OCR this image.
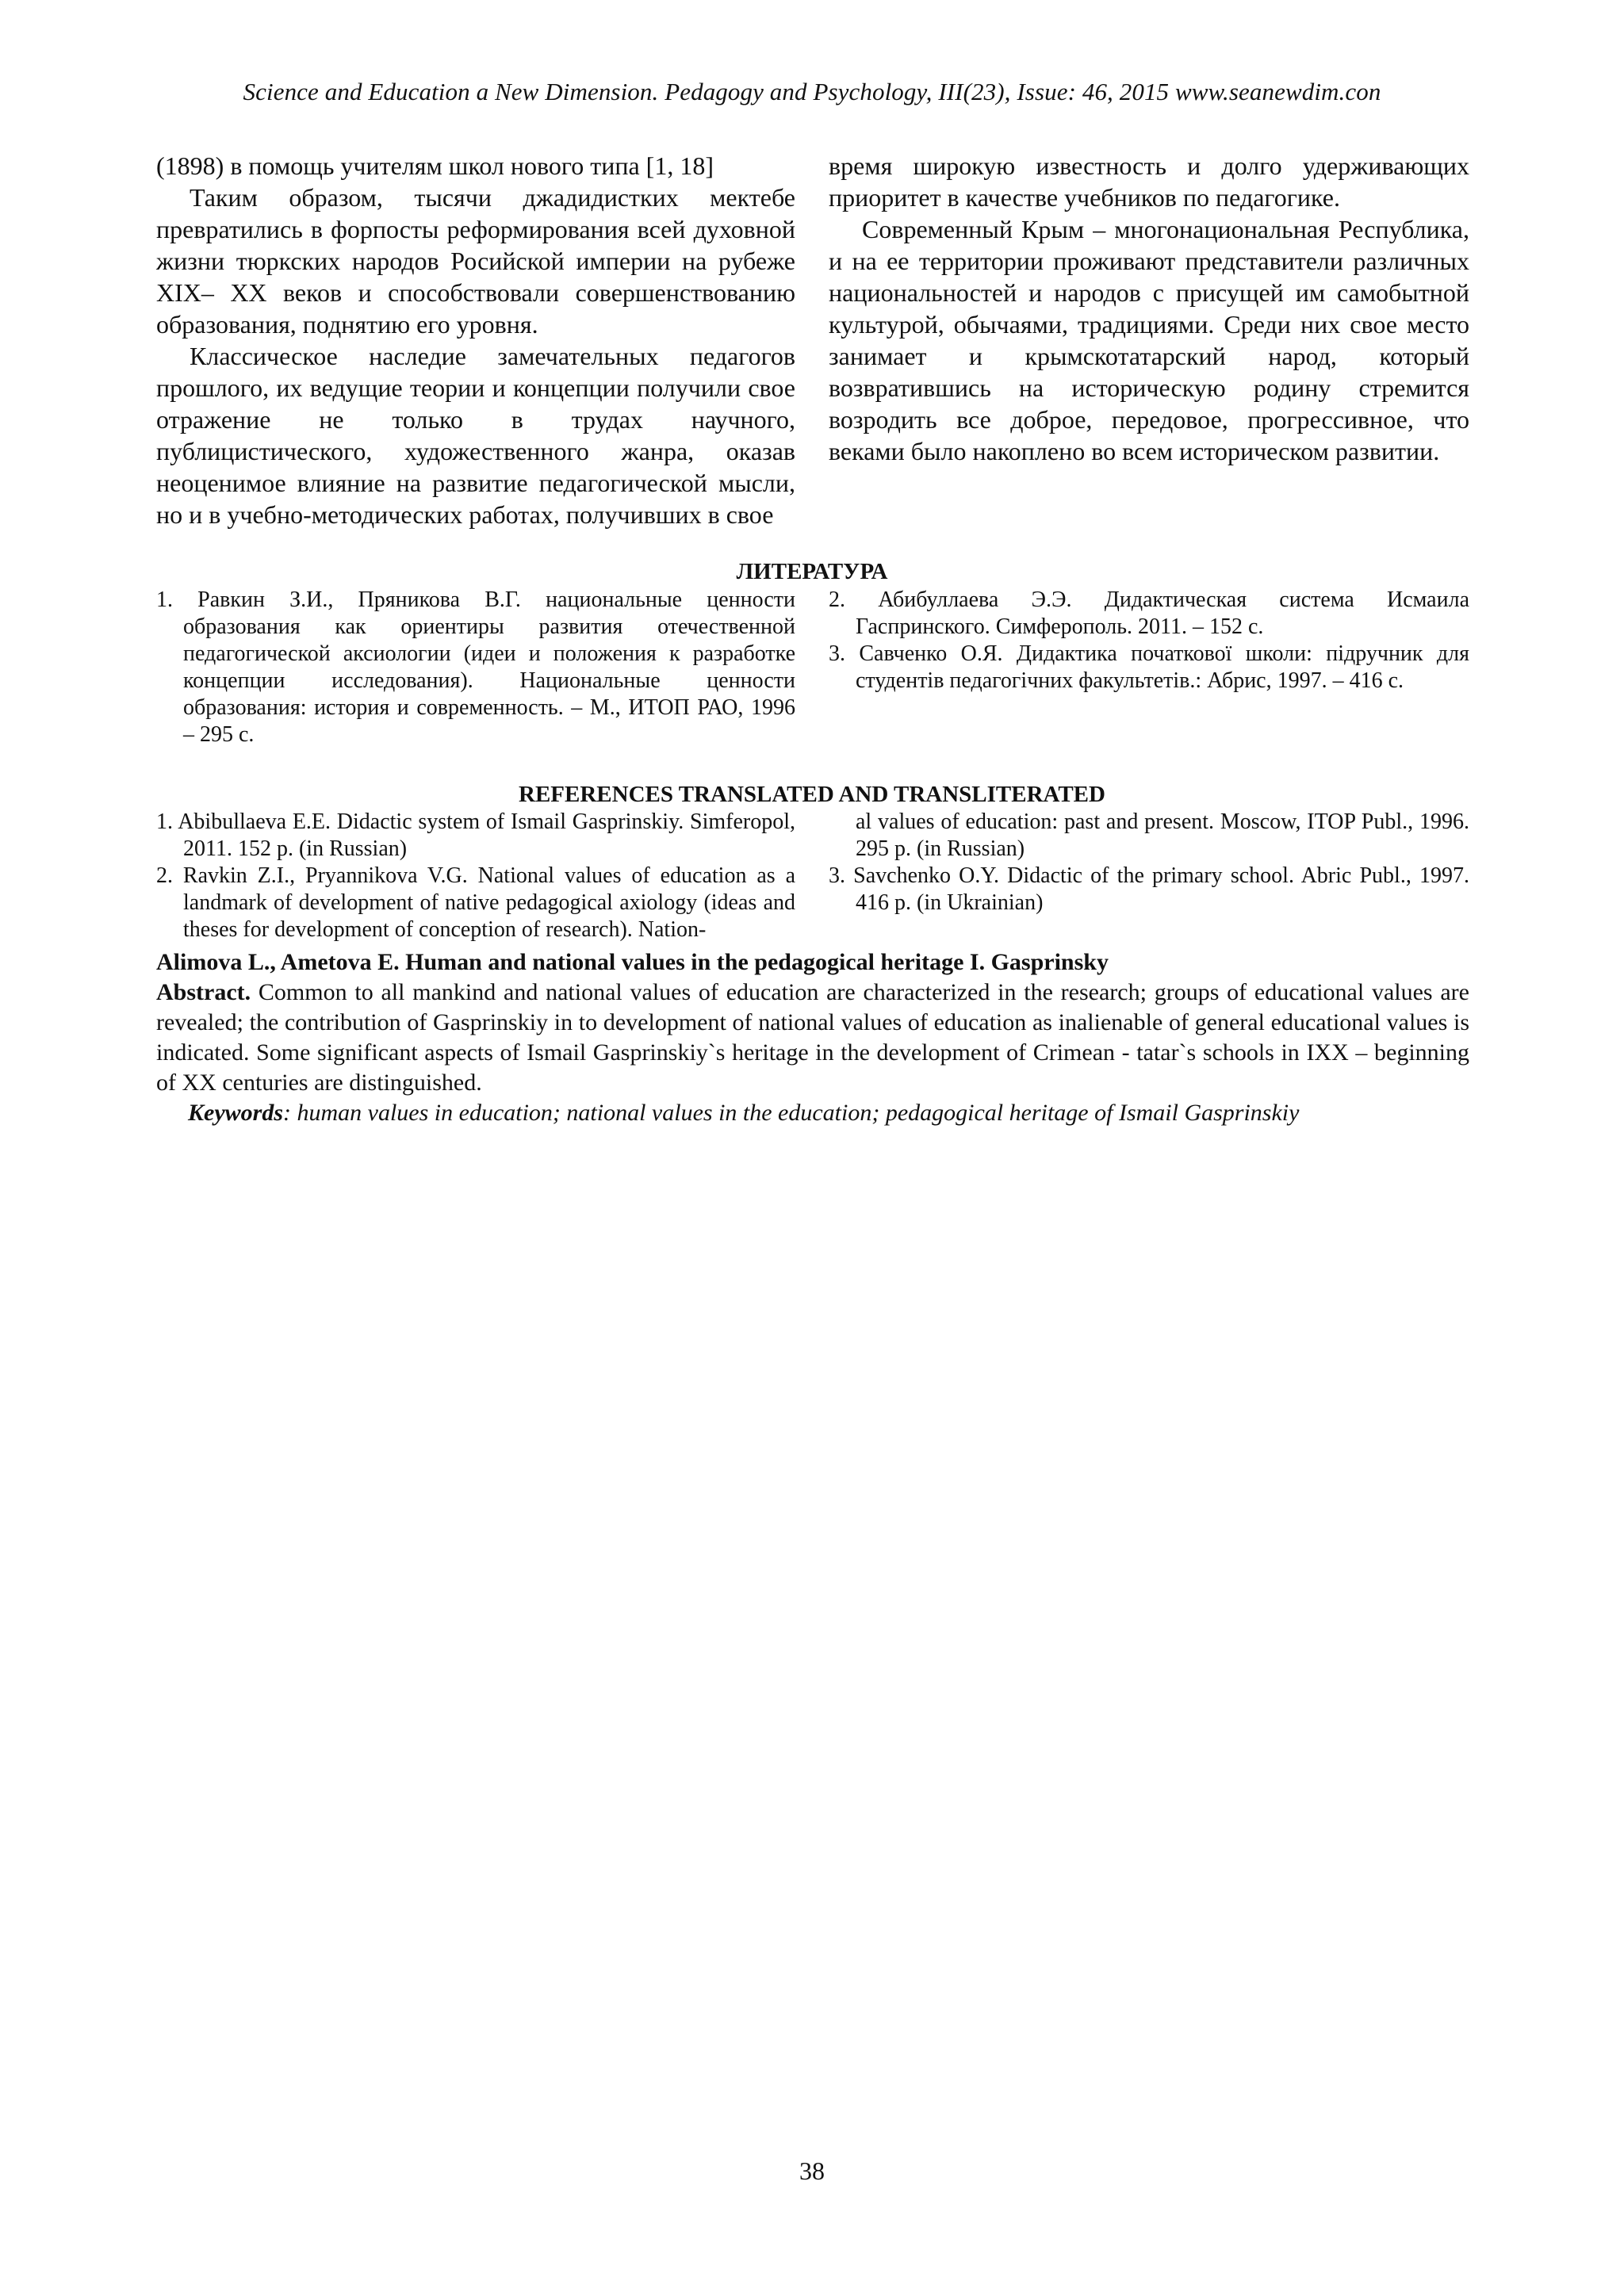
Science and Education a New Dimension. Pedagogy and Psychology, III(23), Issue: 46, 2015 www.seanewdim.con

(1898) в помощь учителям школ нового типа [1, 18]

Таким образом, тысячи джадидистких мектебе превратились в форпосты реформирования всей духовной жизни тюркских народов Росийской империи на рубеже XIX– XX веков и способствовали совершенствованию образования, поднятию его уровня.

Классическое наследие замечательных педагогов прошлого, их ведущие теории и концепции получили свое отражение не только в трудах научного, публицистического, художественного жанра, оказав неоценимое влияние на развитие педагогической мысли, но и в учебно-методических работах, получивших в свое

время широкую известность и долго удерживающих приоритет в качестве учебников по педагогике.

Современный Крым – многонациональная Республика, и на ее территории проживают представители различных национальностей и народов с присущей им самобытной культурой, обычаями, традициями. Среди них свое место занимает и крымскотатарский народ, который возвратившись на историческую родину стремится возродить все доброе, передовое, прогрессивное, что веками было накоплено во всем историческом развитии.

ЛИТЕРАТУРА

1. Равкин З.И., Пряникова В.Г. национальные ценности образования как ориентиры развития отечественной педагогической аксиологии (идеи и положения к разработке концепции исследования). Национальные ценности образования: история и современность. – М., ИТОП РАО, 1996 – 295 с.

2. Абибуллаева Э.Э. Дидактическая система Исмаила Гаспринского. Симферополь. 2011. – 152 с.

3. Савченко О.Я. Дидактика початкової школи: підручник для студентів педагогічних факультетів.: Абрис, 1997. – 416 с.

REFERENCES TRANSLATED AND TRANSLITERATED

1. Abibullaeva E.E. Didactic system of Ismail Gasprinskiy. Simferopol, 2011. 152 p. (in Russian)

2. Ravkin Z.I., Pryannikova V.G. National values of education as a landmark of development of native pedagogical axiology (ideas and theses for development of conception of research). Nation-

al values of education: past and present. Moscow, ITOP Publ., 1996. 295 p. (in Russian)

3. Savchenko O.Y. Didactic of the primary school. Abric Publ., 1997. 416 p. (in Ukrainian)

Alimova L., Ametova E. Human and national values in the pedagogical heritage I. Gasprinsky

Abstract. Common to all mankind and national values of education are characterized in the research; groups of educational values are revealed; the contribution of Gasprinskiy in to development of national values of education as inalienable of general educational values is indicated. Some significant aspects of Ismail Gasprinskiy`s heritage in the development of Crimean - tatar`s schools in IXX – beginning of XX centuries are distinguished.

Keywords: human values in education; national values in the education; pedagogical heritage of Ismail Gasprinskiy

38
